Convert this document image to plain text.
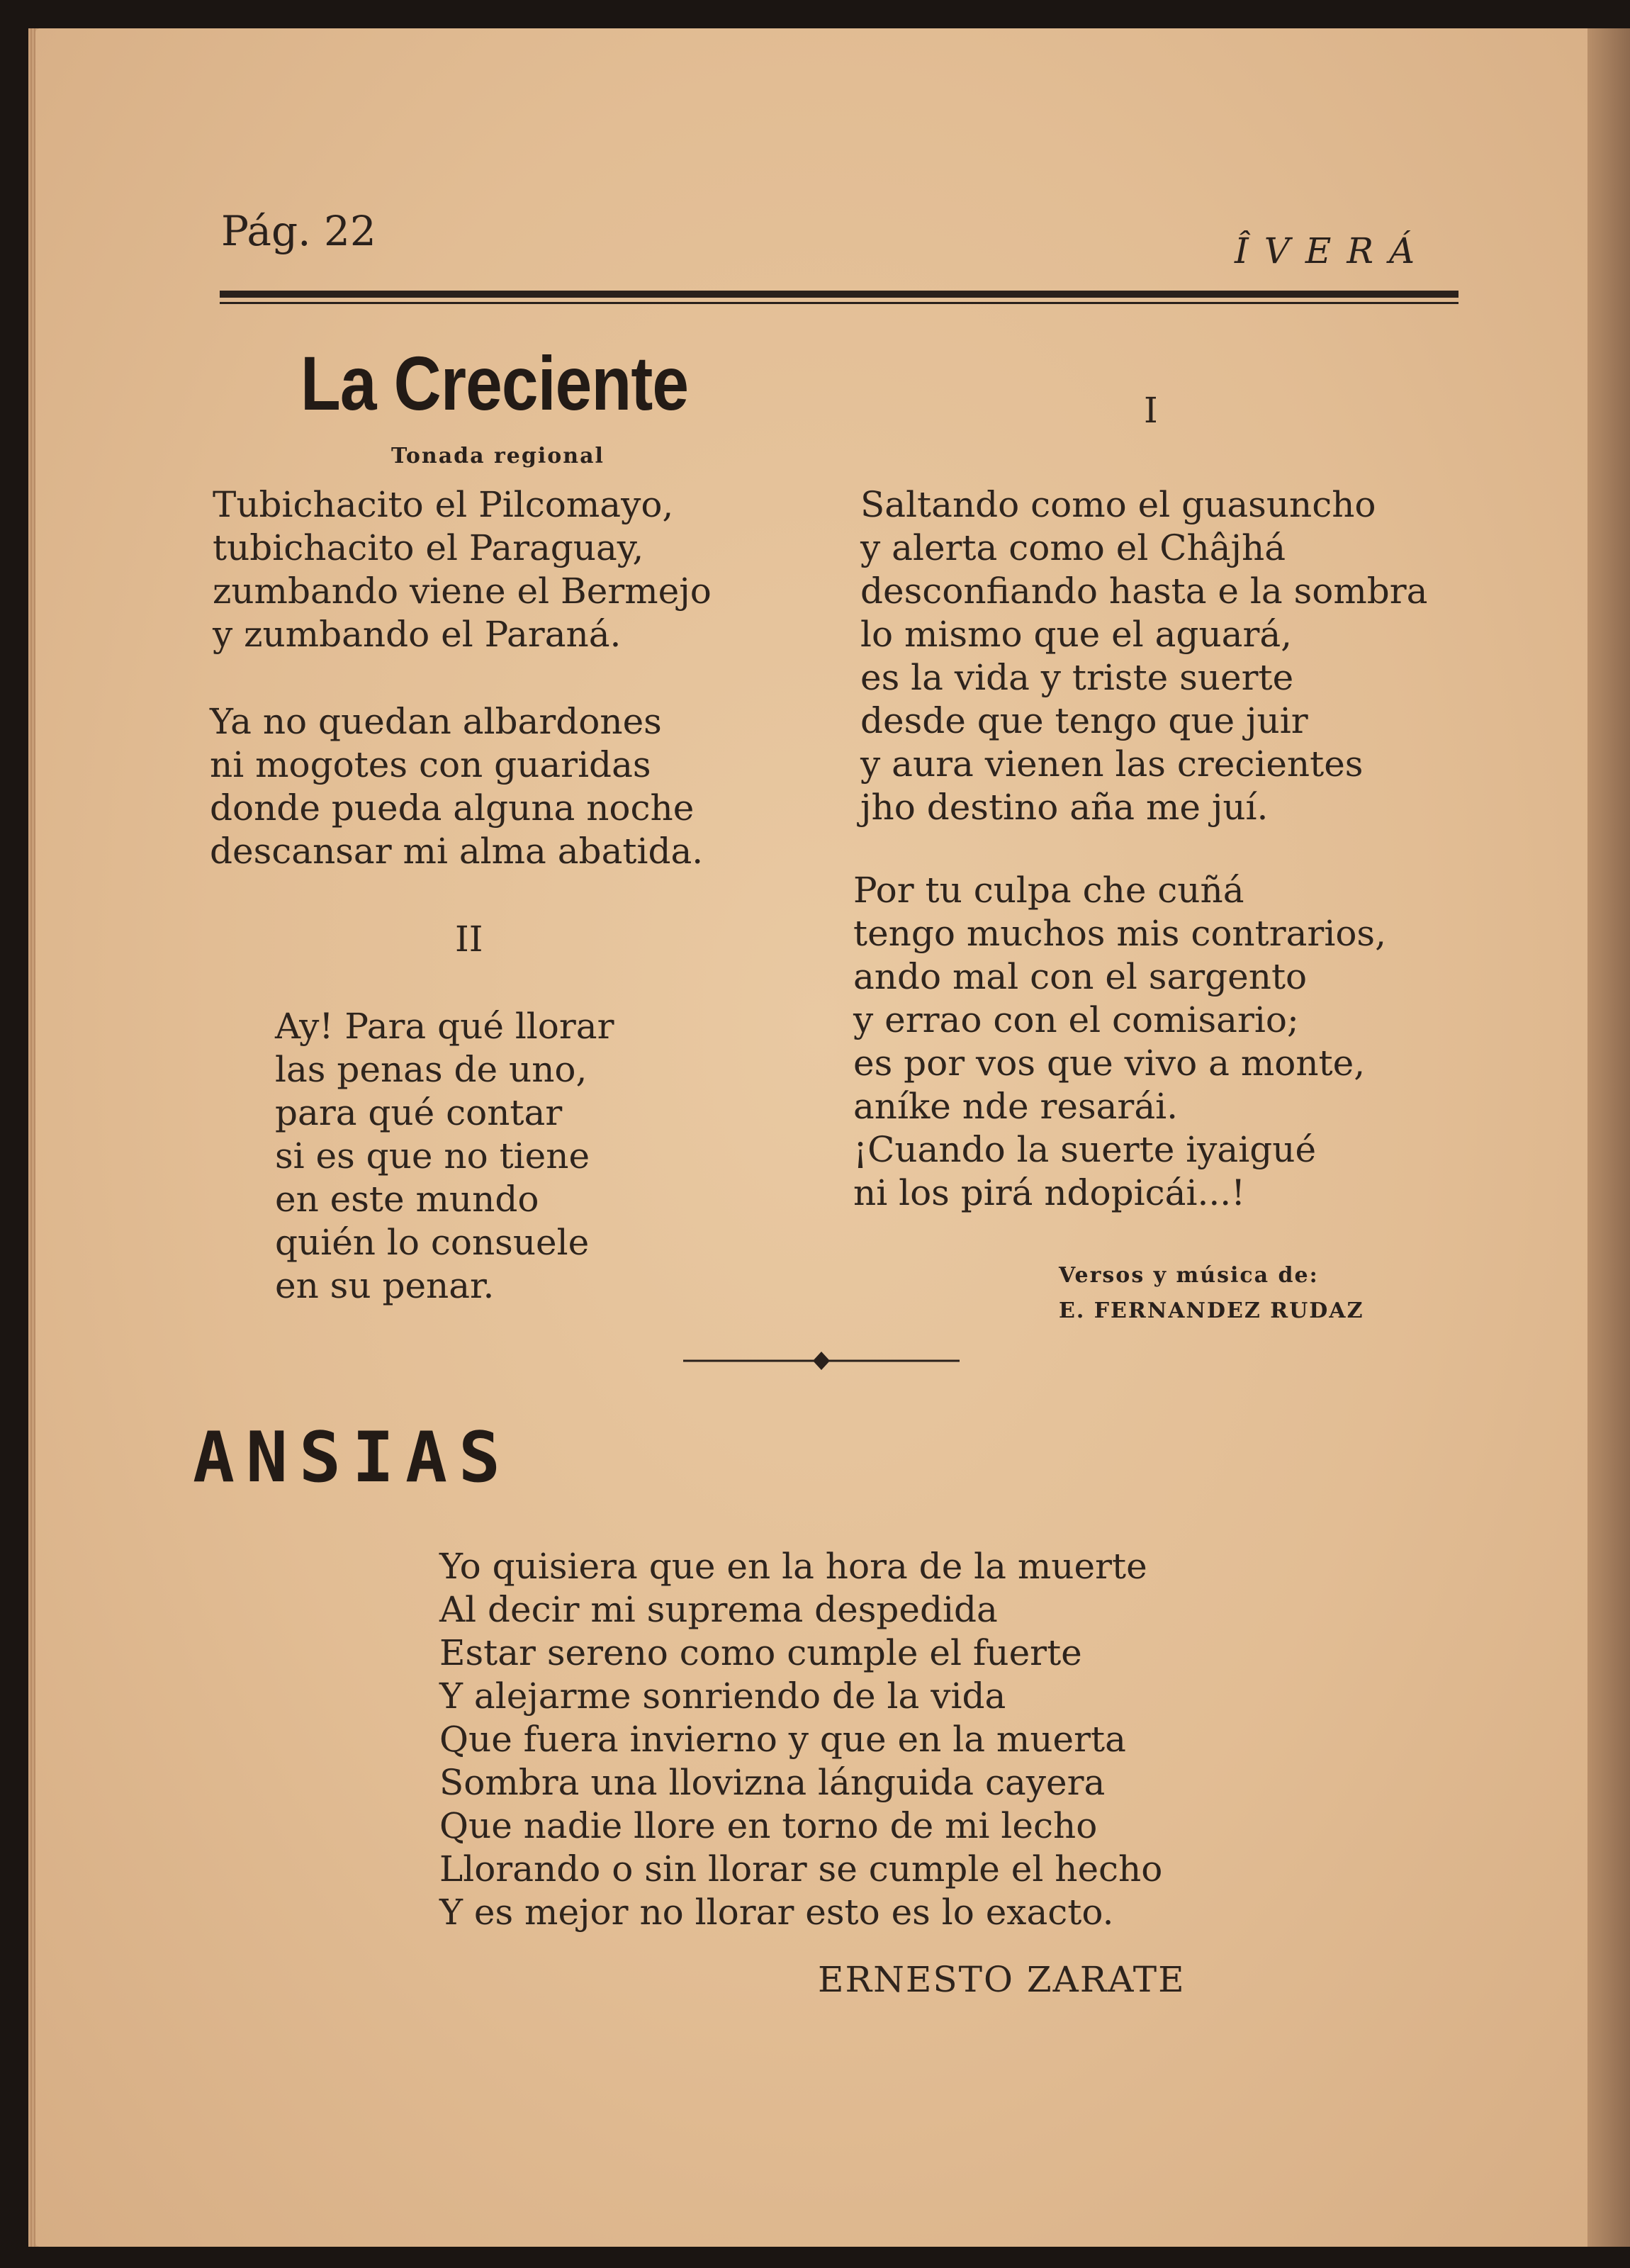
Pág. 22	ÎVERÁ
La Creciente
Tonada regional
Tubichacito el Pilcomayo,
tubichacito el Paraguay,
zumbando viene el Bermejo
y zumbando el Paraná.
Ya no quedan albardones
ni mogotes con guaridas
donde pueda alguna noche
descansar mi alma abatida.
II
Ay! Para qué llorar
las penas de uno,
para qué contar
si es que no tiene
en este mundo
quién lo consuele
en su penar.
I
Saltando como el guasuncho
y alerta como el Châjhá
desconfiando hasta e la sombra
lo mismo que el aguará,
es la vida y triste suerte
desde que tengo que juir
y aura vienen las crecientes
jho destino aña me juí.
Por tu culpa che cuñá
tengo muchos mis contrarios,
ando mal con el sargento
y errao con el comisario;
es por vos que vivo a monte,
aníke nde resarái.
¡Cuando la suerte iyaigué
ni los pirá ndopicái...!
Versos y música de:
E. FERNANDEZ RUDAZ
ANSIAS
Yo quisiera que en la hora de la muerte
Al decir mi suprema despedida
Estar sereno como cumple el fuerte
Y alejarme sonriendo de la vida
Que fuera invierno y que en la muerta
Sombra una llovizna lánguida cayera
Que nadie llore en torno de mi lecho
Llorando o sin llorar se cumple el hecho
Y es mejor no llorar esto es lo exacto.
ERNESTO ZARATE
